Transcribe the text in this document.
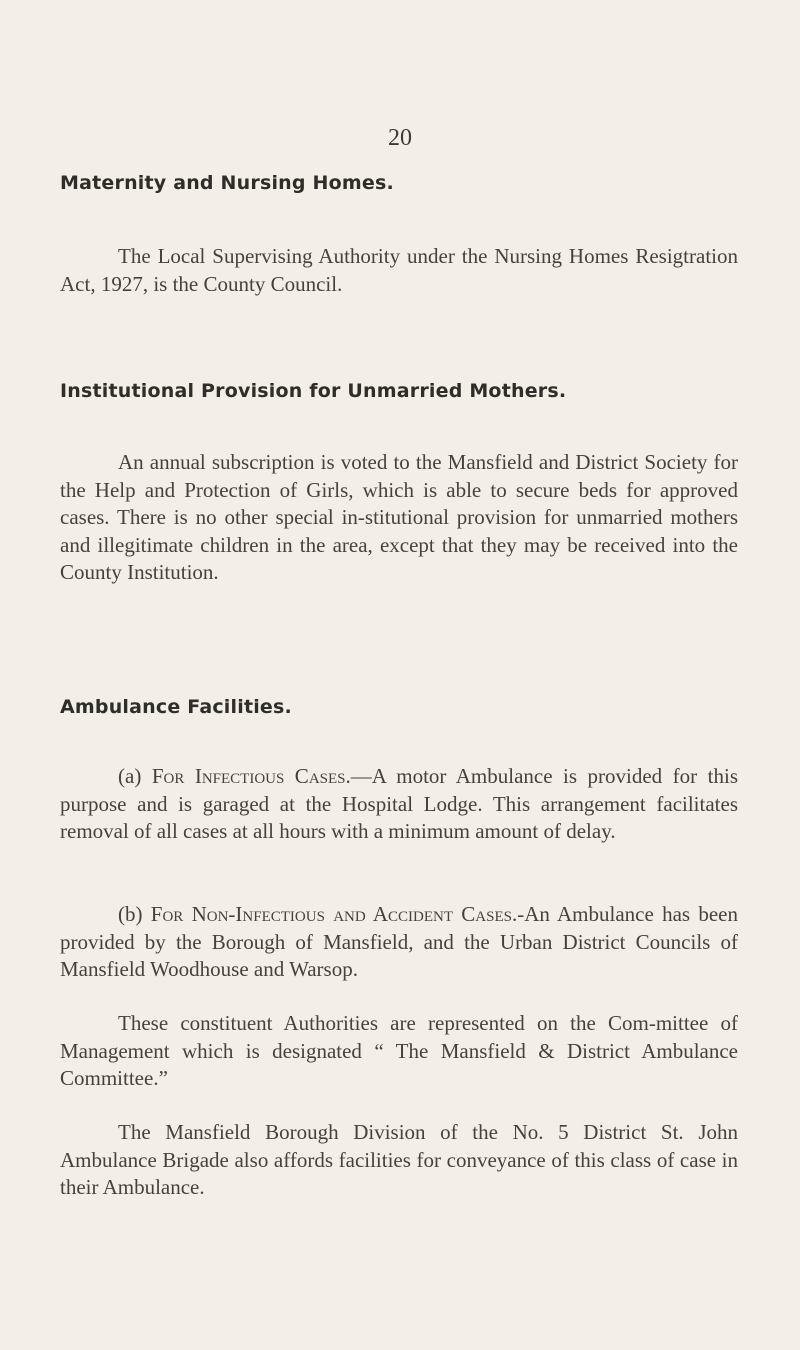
20
Maternity and Nursing Homes.

The Local Supervising Authority under the Nursing Homes Resigtration Act, 1927, is the County Council.

Institutional Provision for Unmarried Mothers.

An annual subscription is voted to the Mansfield and District Society for the Help and Protection of Girls, which is able to secure beds for approved cases. There is no other special in-stitutional provision for unmarried mothers and illegitimate children in the area, except that they may be received into the County Institution.

Ambulance Facilities.

(a) For Infectious Cases.—A motor Ambulance is provided for this purpose and is garaged at the Hospital Lodge. This arrangement facilitates removal of all cases at all hours with a minimum amount of delay.

(b) For Non-Infectious and Accident Cases.-An Ambulance has been provided by the Borough of Mansfield, and the Urban District Councils of Mansfield Woodhouse and Warsop.

These constituent Authorities are represented on the Com-mittee of Management which is designated “ The Mansfield & District Ambulance Committee.”

The Mansfield Borough Division of the No. 5 District St. John Ambulance Brigade also affords facilities for conveyance of this class of case in their Ambulance.
